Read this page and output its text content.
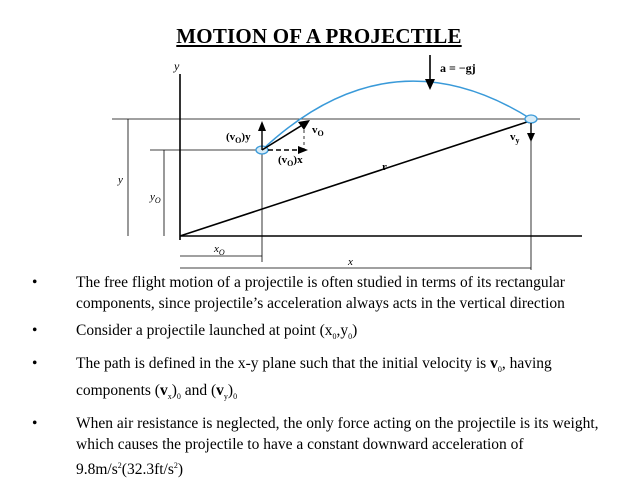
MOTION OF A PROJECTILE
y
y
$y_O$
$x_O$
x
r
$(v_O)y$
$v_O$
$(v_O)x$
$v_y$
a = −gj
• The free flight motion of a projectile is often studied in terms of its rectangular components, since projectile’s acceleration always acts in the vertical direction
• Consider a projectile launched at point $(x_0,y_0)$
• The path is defined in the x-y plane such that the initial velocity is $v_0$, having components $(v_x)_0$ and $(v_y)_0$
• When air resistance is neglected, the only force acting on the projectile is its weight, which causes the projectile to have a constant downward acceleration of $9.8m/s^2(32.3ft/s^2)$
